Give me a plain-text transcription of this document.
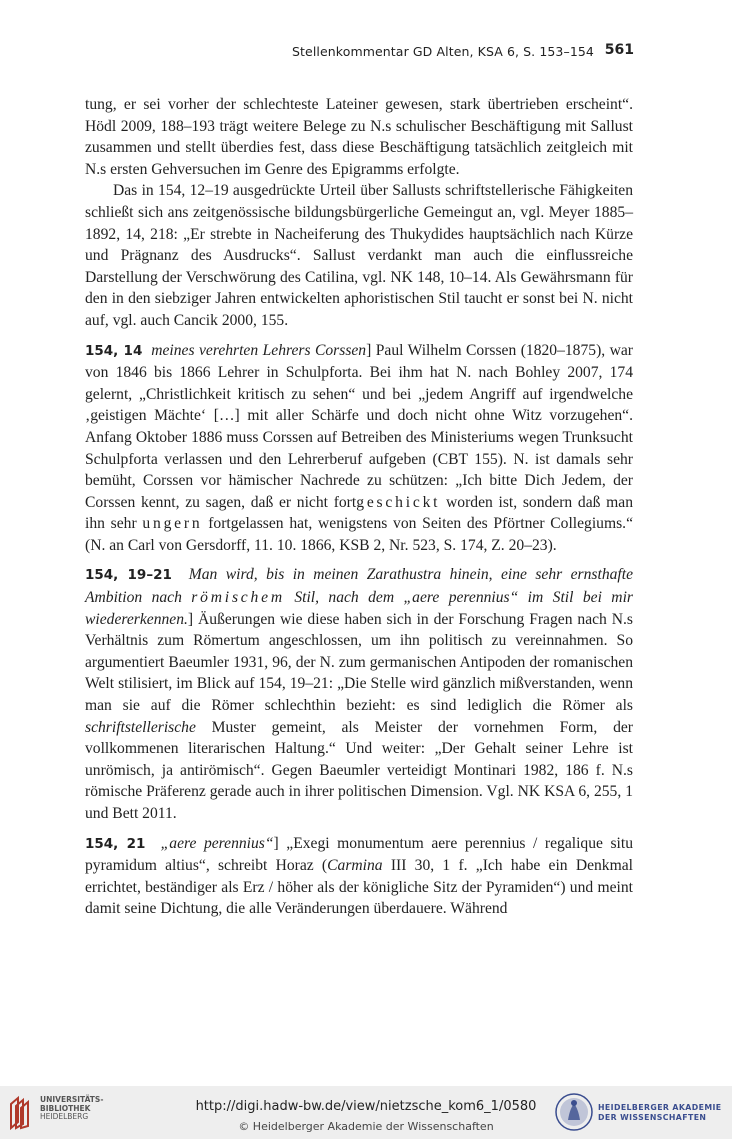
Stellenkommentar GD Alten, KSA 6, S. 153–154 561

tung, er sei vorher der schlechteste Lateiner gewesen, stark übertrieben erscheint“. Hödl 2009, 188–193 trägt weitere Belege zu N.s schulischer Beschäftigung mit Sallust zusammen und stellt überdies fest, dass diese Beschäftigung tatsächlich zeitgleich mit N.s ersten Gehversuchen im Genre des Epigramms erfolgte.

Das in 154, 12–19 ausgedrückte Urteil über Sallusts schriftstellerische Fähigkeiten schließt sich ans zeitgenössische bildungsbürgerliche Gemeingut an, vgl. Meyer 1885–1892, 14, 218: „Er strebte in Nacheiferung des Thukydides hauptsächlich nach Kürze und Prägnanz des Ausdrucks“. Sallust verdankt man auch die einflussreiche Darstellung der Verschwörung des Catilina, vgl. NK 148, 10–14. Als Gewährsmann für den in den siebziger Jahren entwickelten aphoristischen Stil taucht er sonst bei N. nicht auf, vgl. auch Cancik 2000, 155.

154, 14 meines verehrten Lehrers Corssen] Paul Wilhelm Corssen (1820–1875), war von 1846 bis 1866 Lehrer in Schulpforta. Bei ihm hat N. nach Bohley 2007, 174 gelernt, „Christlichkeit kritisch zu sehen“ und bei „jedem Angriff auf irgendwelche ‚geistigen Mächte‘ […] mit aller Schärfe und doch nicht ohne Witz vorzugehen“. Anfang Oktober 1886 muss Corssen auf Betreiben des Ministeriums wegen Trunksucht Schulpforta verlassen und den Lehrerberuf aufgeben (CBT 155). N. ist damals sehr bemüht, Corssen vor hämischer Nachrede zu schützen: „Ich bitte Dich Jedem, der Corssen kennt, zu sagen, daß er nicht fortgeschickt worden ist, sondern daß man ihn sehr ungern fortgelassen hat, wenigstens von Seiten des Pförtner Collegiums.“ (N. an Carl von Gersdorff, 11. 10. 1866, KSB 2, Nr. 523, S. 174, Z. 20–23).

154, 19–21 Man wird, bis in meinen Zarathustra hinein, eine sehr ernsthafte Ambition nach römischem Stil, nach dem „aere perennius“ im Stil bei mir wiedererkennen.] Äußerungen wie diese haben sich in der Forschung Fragen nach N.s Verhältnis zum Römertum angeschlossen, um ihn politisch zu vereinnahmen. So argumentiert Baeumler 1931, 96, der N. zum germanischen Antipoden der romanischen Welt stilisiert, im Blick auf 154, 19–21: „Die Stelle wird gänzlich mißverstanden, wenn man sie auf die Römer schlechthin bezieht: es sind lediglich die Römer als schriftstellerische Muster gemeint, als Meister der vornehmen Form, der vollkommenen literarischen Haltung.“ Und weiter: „Der Gehalt seiner Lehre ist unrömisch, ja antirömisch“. Gegen Baeumler verteidigt Montinari 1982, 186 f. N.s römische Präferenz gerade auch in ihrer politischen Dimension. Vgl. NK KSA 6, 255, 1 und Bett 2011.

154, 21 „aere perennius“] „Exegi monumentum aere perennius / regalique situ pyramidum altius“, schreibt Horaz (Carmina III 30, 1 f. „Ich habe ein Denkmal errichtet, beständiger als Erz / höher als der königliche Sitz der Pyramiden“) und meint damit seine Dichtung, die alle Veränderungen überdauere. Während

UNIVERSITÄTS-
BIBLIOTHEK
HEIDELBERG
http://digi.hadw-bw.de/view/nietzsche_kom6_1/0580
© Heidelberger Akademie der Wissenschaften
HEIDELBERGER AKADEMIE
DER WISSENSCHAFTEN
